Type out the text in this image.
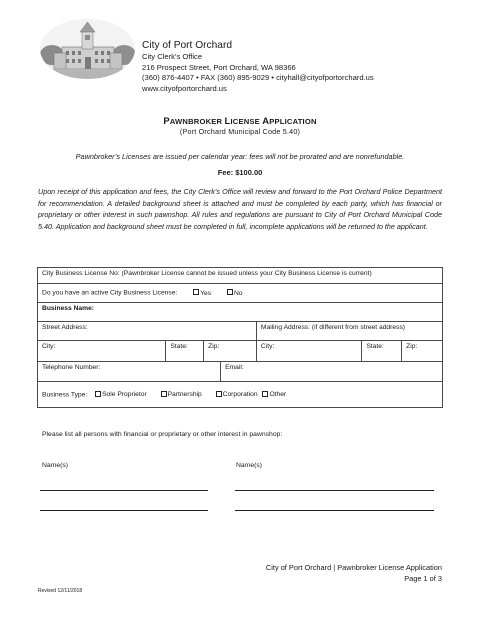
City of Port Orchard
City Clerk’s Office
216 Prospect Street, Port Orchard, WA 98366
(360) 876-4407 • FAX (360) 895-9029 • cityhall@cityofportorchard.us
www.cityofportorchard.us
PAWNBROKER LICENSE APPLICATION
(Port Orchard Municipal Code 5.40)
Pawnbroker’s Licenses are issued per calendar year: fees will not be prorated and are nonrefundable.
Fee: $100.00
Upon receipt of this application and fees, the City Clerk’s Office will review and forward to the Port Orchard Police Department for recommendation. A detailed background sheet is attached and must be completed by each party, which has financial or proprietary or other interest in such pawnshop. All rules and regulations are pursuant to City of Port Orchard Municipal Code 5.40. Application and background sheet must be completed in full, incomplete applications will be returned to the applicant.
City Business License No: (Pawnbroker License cannot be issued unless your City Business License is current)
Do you have an active City Business License:	Yes	No
Business Name:
Street Address:	Mailing Address: (if different from street address)
City:	State:	Zip:	City:	State:	Zip:
Telephone Number:	Email:
Business Type: Sole Proprietor	Partnership	Corporation Other
Please list all persons with financial or proprietary or other interest in pawnshop:
Name(s)	Name(s)
City of Port Orchard | Pawnbroker License Application
Page 1 of 3
Revised 12/11/2018
